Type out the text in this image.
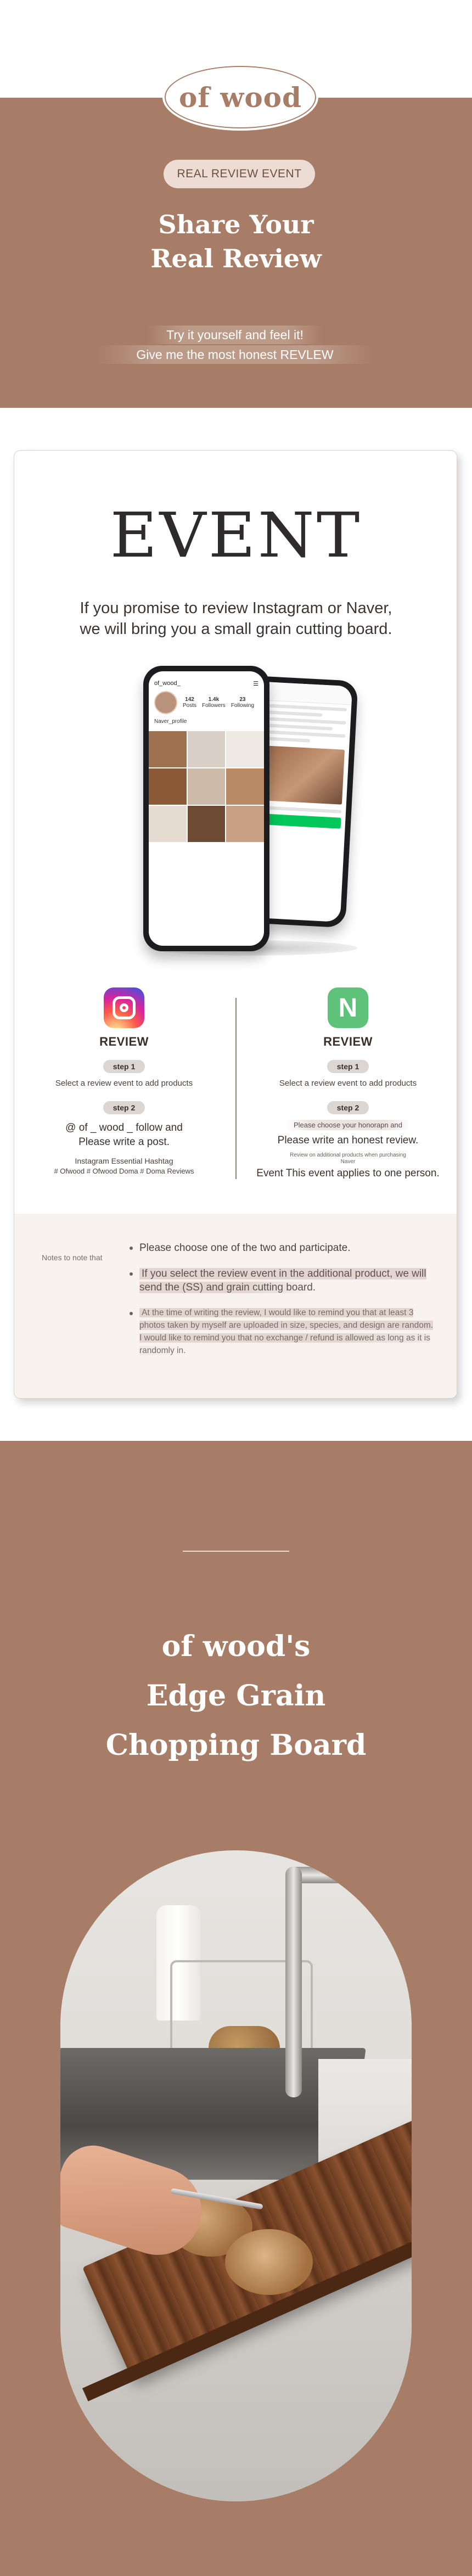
of wood
REAL REVIEW EVENT
Share Your
Real Review
Try it yourself and feel it!
Give me the most honest REVLEW
EVENT
If you promise to review Instagram or Naver,
we will bring you a small grain cutting board.
of_wood_	☰
142
Posts
1.4k
Followers
23
Following
Naver_profile
REVIEW
step 1
Select a review event to add products
step 2
@ of _ wood _ follow and
Please write a post.
Instagram Essential Hashtag
# Ofwood # Ofwood Doma # Doma Reviews
N
REVIEW
step 1
Select a review event to add products
step 2
Please choose your honorapn and
Please write an honest review.
Review on additional products when purchasing
Naver
Event This event applies to one person.
Notes to note that
Please choose one of the two and participate.
If you select the review event in the additional product, we will send the (SS) and grain cutting board.
At the time of writing the review, I would like to remind you that at least 3 photos taken by myself are uploaded in size, species, and design are random. I would like to remind you that no exchange / refund is allowed as long as it is randomly in.
of wood's
Edge Grain
Chopping Board
